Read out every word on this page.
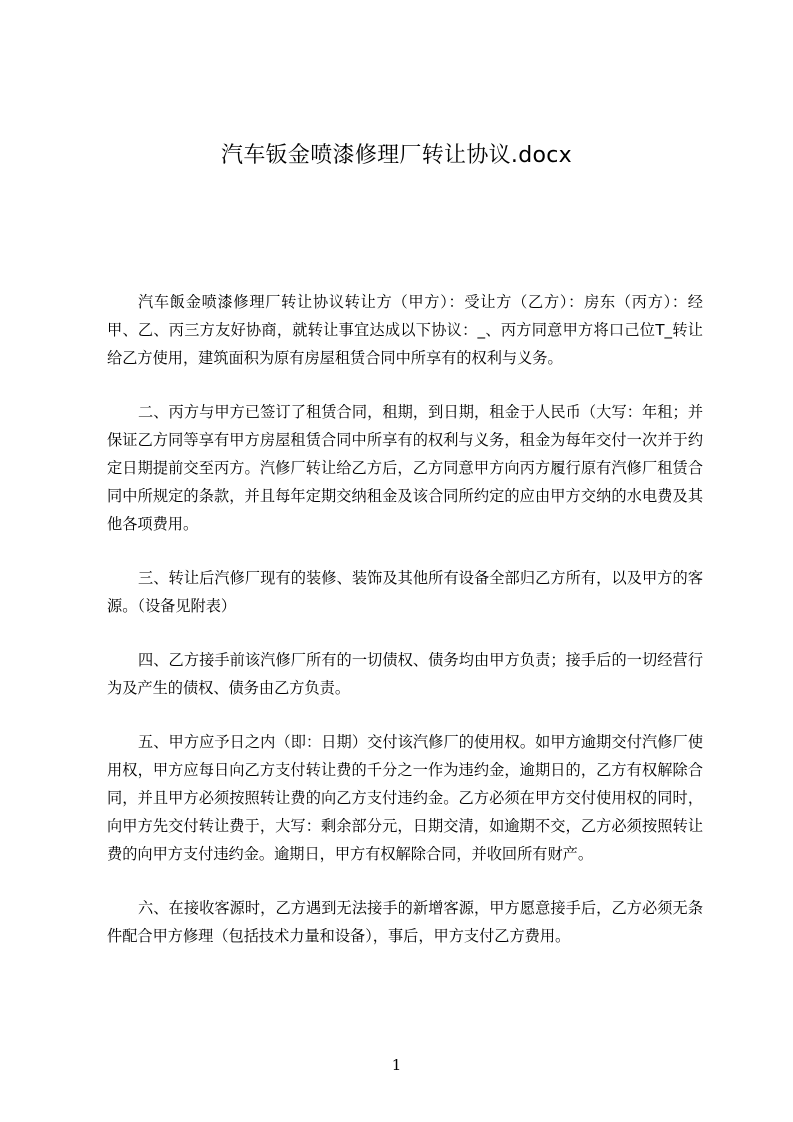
汽车钣金喷漆修理厂转让协议.docx

汽车飯金喷漆修理厂转让协议转让方（甲方）：受让方（乙方）：房东（丙方）：经甲、乙、丙三方友好协商，就转让事宜达成以下协议：_、丙方同意甲方将口己位T_转让给乙方使用，建筑面积为原有房屋租赁合同中所享有的权利与义务。

二、丙方与甲方已签订了租赁合同，租期，到日期，租金于人民币（大写：年租；并保证乙方同等享有甲方房屋租赁合同中所享有的权利与义务，租金为每年交付一次并于约定日期提前交至丙方。汽修厂转让给乙方后，乙方同意甲方向丙方履行原有汽修厂租赁合同中所规定的条款，并且每年定期交纳租金及该合同所约定的应由甲方交纳的水电费及其他各项费用。

三、转让后汽修厂现有的装修、装饰及其他所有设备全部归乙方所有，以及甲方的客源。（设备见附表）

四、乙方接手前该汽修厂所有的一切债权、债务均由甲方负责；接手后的一切经营行为及产生的债权、债务由乙方负责。

五、甲方应予日之内（即：日期）交付该汽修厂的使用权。如甲方逾期交付汽修厂使用权，甲方应每日向乙方支付转让费的千分之一作为违约金，逾期日的，乙方有权解除合同，并且甲方必须按照转让费的向乙方支付违约金。乙方必须在甲方交付使用权的同时，向甲方先交付转让费于，大写：剩余部分元，日期交清，如逾期不交，乙方必须按照转让费的向甲方支付违约金。逾期日，甲方有权解除合同，并收回所有财产。

六、在接收客源时，乙方遇到无法接手的新增客源，甲方愿意接手后，乙方必须无条件配合甲方修理（包括技术力量和设备），事后，甲方支付乙方费用。

1
